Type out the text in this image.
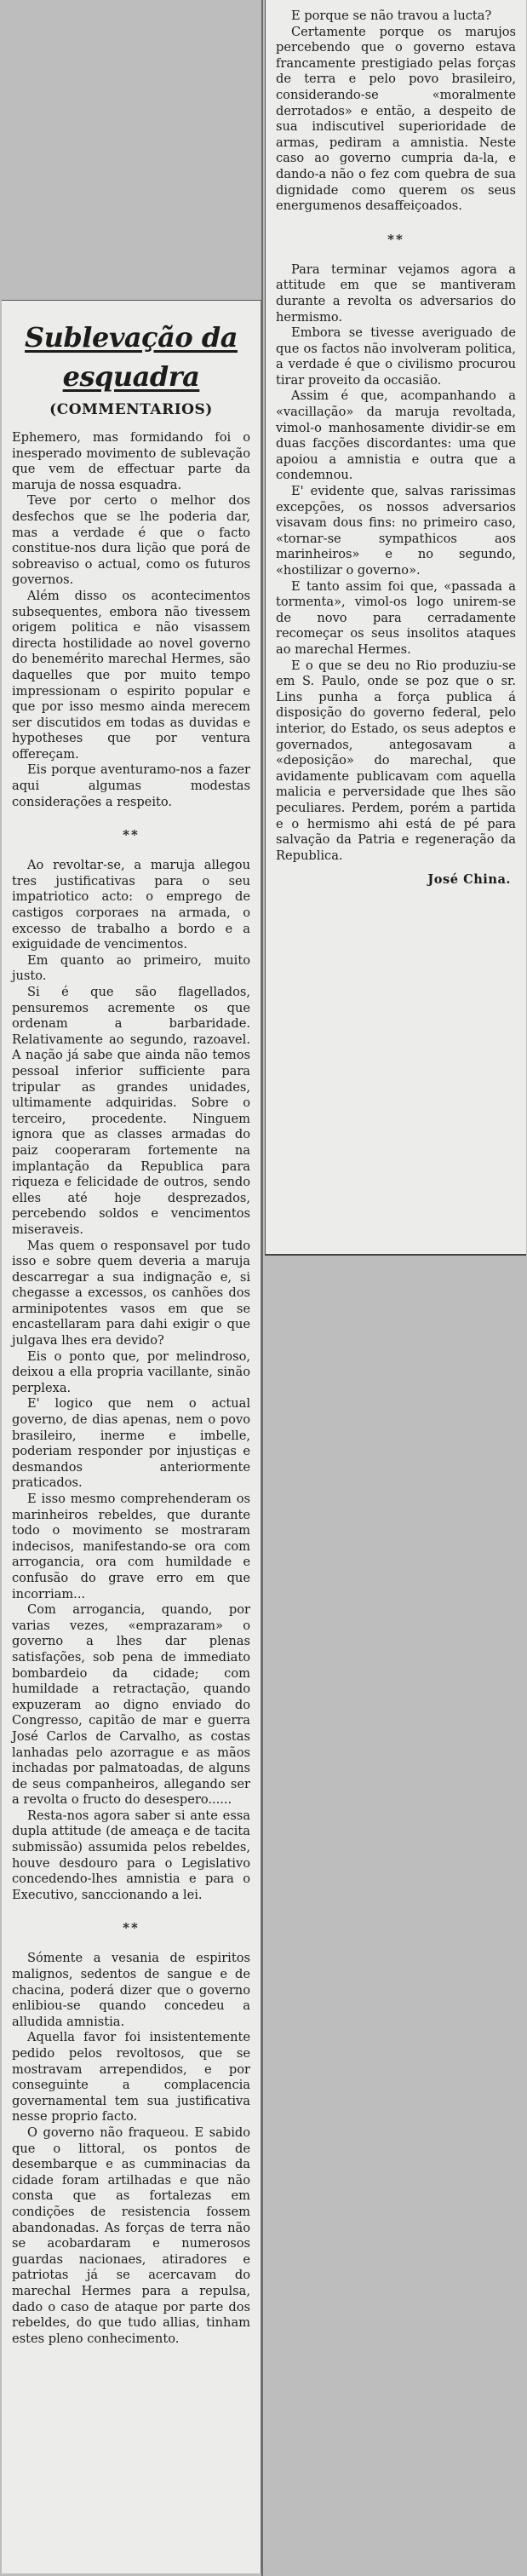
Sublevação da esquadra
(COMMENTARIOS)

Ephemero, mas formidando foi o inesperado movimento de sublevação que vem de effectuar parte da maruja de nossa esquadra.

Teve por certo o melhor dos desfechos que se lhe poderia dar, mas a verdade é que o facto constitue-nos dura lição que porá de sobreaviso o actual, como os futuros governos.

Além disso os acontecimentos subsequentes, embora não tivessem origem politica e não visassem directa hostilidade ao novel governo do benemérito marechal Hermes, são daquelles que por muito tempo impressionam o espirito popular e que por isso mesmo ainda merecem ser discutidos em todas as duvidas e hypotheses que por ventura offereçam.

Eis porque aventuramo-nos a fazer aqui algumas modestas considerações a respeito.

**

Ao revoltar-se, a maruja allegou tres justificativas para o seu impatriotico acto: o emprego de castigos corporaes na armada, o excesso de trabalho a bordo e a exiguidade de vencimentos.

Em quanto ao primeiro, muito justo.

Si é que são flagellados, pensuremos acremente os que ordenam a barbaridade. Relativamente ao segundo, razoavel. A nação já sabe que ainda não temos pessoal inferior sufficiente para tripular as grandes unidades, ultimamente adquiridas. Sobre o terceiro, procedente. Ninguem ignora que as classes armadas do paiz cooperaram fortemente na implantação da Republica para riqueza e felicidade de outros, sendo elles até hoje desprezados, percebendo soldos e vencimentos miseraveis.

Mas quem o responsavel por tudo isso e sobre quem deveria a maruja descarregar a sua indignação e, si chegasse a excessos, os canhões dos arminipotentes vasos em que se encastellaram para dahi exigir o que julgava lhes era devido?

Eis o ponto que, por melindroso, deixou a ella propria vacillante, sinão perplexa.

E' logico que nem o actual governo, de dias apenas, nem o povo brasileiro, inerme e imbelle, poderiam responder por injustiças e desmandos anteriormente praticados.

E isso mesmo comprehenderam os marinheiros rebeldes, que durante todo o movimento se mostraram indecisos, manifestando-se ora com arrogancia, ora com humildade e confusão do grave erro em que incorriam...

Com arrogancia, quando, por varias vezes, «emprazaram» o governo a lhes dar plenas satisfações, sob pena de immediato bombardeio da cidade; com humildade a retractação, quando expuzeram ao digno enviado do Congresso, capitão de mar e guerra José Carlos de Carvalho, as costas lanhadas pelo azorrague e as mãos inchadas por palmatoadas, de alguns de seus companheiros, allegando ser a revolta o fructo do desespero......

Resta-nos agora saber si ante essa dupla attitude (de ameaça e de tacita submissão) assumida pelos rebeldes, houve desdouro para o Legislativo concedendo-lhes amnistia e para o Executivo, sanccionando a lei.

**

Sómente a vesania de espiritos malignos, sedentos de sangue e de chacina, poderá dizer que o governo enlibiou-se quando concedeu a alludida amnistia.

Aquella favor foi insistentemente pedido pelos revoltosos, que se mostravam arrependidos, e por conseguinte a complacencia governamental tem sua justificativa nesse proprio facto.

O governo não fraqueou. E sabido que o littoral, os pontos de desembarque e as cumminacias da cidade foram artilhadas e que não consta que as fortalezas em condições de resistencia fossem abandonadas. As forças de terra não se acobardaram e numerosos guardas nacionaes, atiradores e patriotas já se acercavam do marechal Hermes para a repulsa, dado o caso de ataque por parte dos rebeldes, do que tudo allias, tinham estes pleno conhecimento.

E porque se não travou a lucta?

Certamente porque os marujos percebendo que o governo estava francamente prestigiado pelas forças de terra e pelo povo brasileiro, considerando-se «moralmente derrotados» e então, a despeito de sua indiscutivel superioridade de armas, pediram a amnistia. Neste caso ao governo cumpria da-la, e dando-a não o fez com quebra de sua dignidade como querem os seus energumenos desaffeiçoados.

**

Para terminar vejamos agora a attitude em que se mantiveram durante a revolta os adversarios do hermismo.

Embora se tivesse averiguado de que os factos não involveram politica, a verdade é que o civilismo procurou tirar proveito da occasião.

Assim é que, acompanhando a «vacillação» da maruja revoltada, vimol-o manhosamente dividir-se em duas facções discordantes: uma que apoiou a amnistia e outra que a condemnou.

E' evidente que, salvas rarissimas excepções, os nossos adversarios visavam dous fins: no primeiro caso, «tornar-se sympathicos aos marinheiros» e no segundo, «hostilizar o governo».

E tanto assim foi que, «passada a tormenta», vimol-os logo unirem-se de novo para cerradamente recomeçar os seus insolitos ataques ao marechal Hermes.

E o que se deu no Rio produziu-se em S. Paulo, onde se poz que o sr. Lins punha a força publica á disposição do governo federal, pelo interior, do Estado, os seus adeptos e governados, antegosavam a «deposição» do marechal, que avidamente publicavam com aquella malicia e perversidade que lhes são peculiares. Perdem, porém a partida e o hermismo ahi está de pé para salvação da Patria e regeneração da Republica.

José China.
